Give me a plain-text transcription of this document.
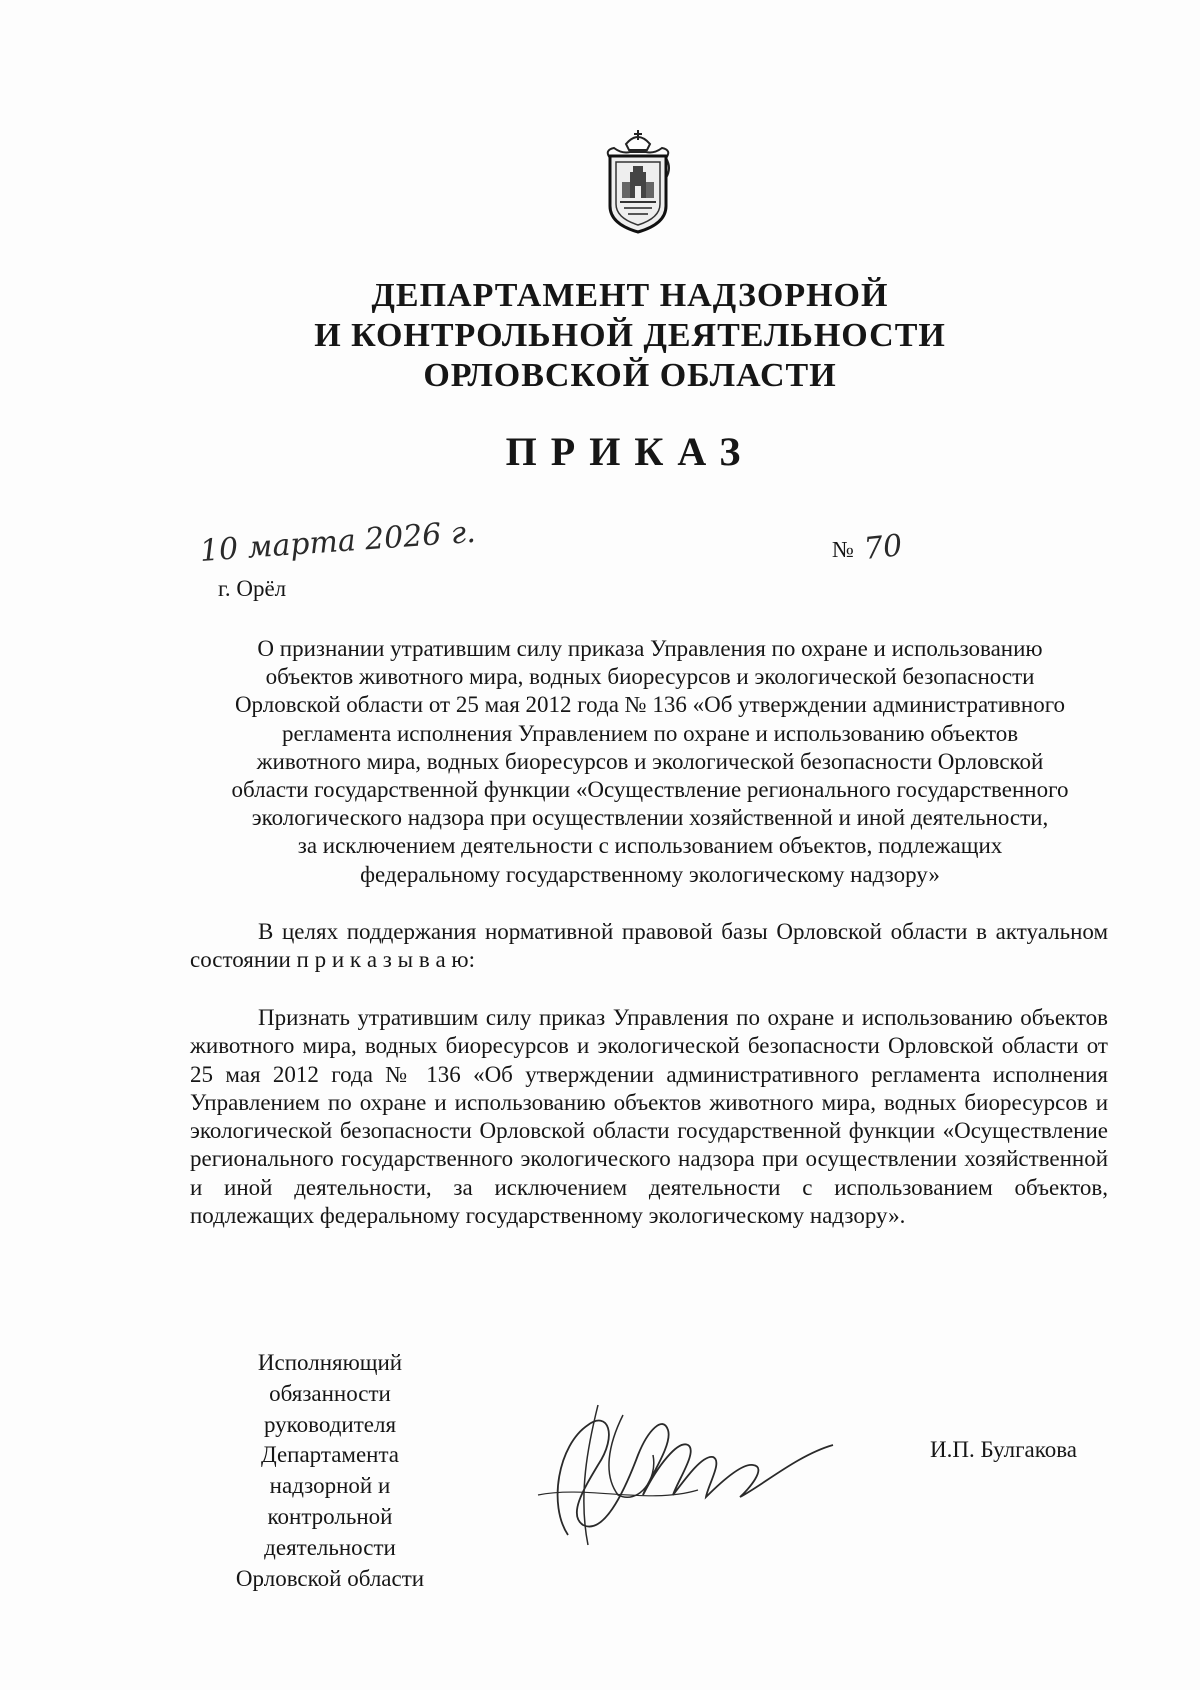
ДЕПАРТАМЕНТ НАДЗОРНОЙ
И КОНТРОЛЬНОЙ ДЕЯТЕЛЬНОСТИ
ОРЛОВСКОЙ ОБЛАСТИ
ПРИКАЗ
10 марта 2026 г.
г. Орёл
№ 70
О признании утратившим силу приказа Управления по охране и использованию
объектов животного мира, водных биоресурсов и экологической безопасности
Орловской области от 25 мая 2012 года № 136 «Об утверждении административного
регламента исполнения Управлением по охране и использованию объектов
животного мира, водных биоресурсов и экологической безопасности Орловской
области государственной функции «Осуществление регионального государственного
экологического надзора при осуществлении хозяйственной и иной деятельности,
за исключением деятельности с использованием объектов, подлежащих
федеральному государственному экологическому надзору»
В целях поддержания нормативной правовой базы Орловской области в актуальном состоянии п р и к а з ы в а ю:
Признать утратившим силу приказ Управления по охране и использованию объектов животного мира, водных биоресурсов и экологической безопасности Орловской области от 25 мая 2012 года № 136 «Об утверждении административного регламента исполнения Управлением по охране и использованию объектов животного мира, водных биоресурсов и экологической безопасности Орловской области государственной функции «Осуществление регионального государственного экологического надзора при осуществлении хозяйственной и иной деятельности, за исключением деятельности с использованием объектов, подлежащих федеральному государственному экологическому надзору».
Исполняющий
обязанности
руководителя
Департамента
надзорной и
контрольной
деятельности
Орловской области
И.П. Булгакова
